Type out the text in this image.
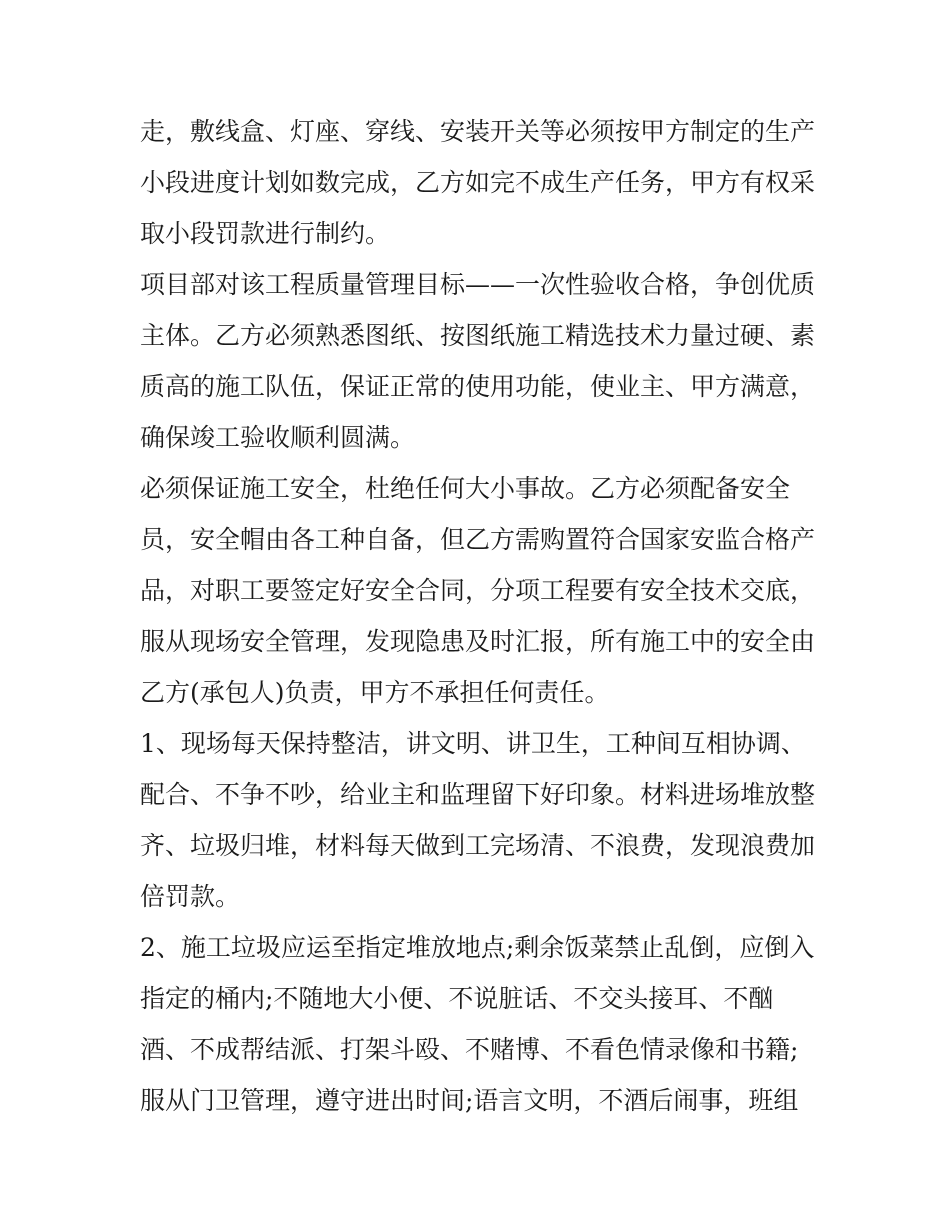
走，敷线盒、灯座、穿线、安装开关等必须按甲方制定的生产
小段进度计划如数完成，乙方如完不成生产任务，甲方有权采
取小段罚款进行制约。
项目部对该工程质量管理目标——一次性验收合格，争创优质
主体。乙方必须熟悉图纸、按图纸施工精选技术力量过硬、素
质高的施工队伍，保证正常的使用功能，使业主、甲方满意，
确保竣工验收顺利圆满。
必须保证施工安全，杜绝任何大小事故。乙方必须配备安全
员，安全帽由各工种自备，但乙方需购置符合国家安监合格产
品，对职工要签定好安全合同，分项工程要有安全技术交底，
服从现场安全管理，发现隐患及时汇报，所有施工中的安全由
乙方(承包人)负责，甲方不承担任何责任。
1、现场每天保持整洁，讲文明、讲卫生，工种间互相协调、
配合、不争不吵，给业主和监理留下好印象。材料进场堆放整
齐、垃圾归堆，材料每天做到工完场清、不浪费，发现浪费加
倍罚款。
2、施工垃圾应运至指定堆放地点;剩余饭菜禁止乱倒，应倒入
指定的桶内;不随地大小便、不说脏话、不交头接耳、不酗
酒、不成帮结派、打架斗殴、不赌博、不看色情录像和书籍;
服从门卫管理，遵守进出时间;语言文明，不酒后闹事，班组
